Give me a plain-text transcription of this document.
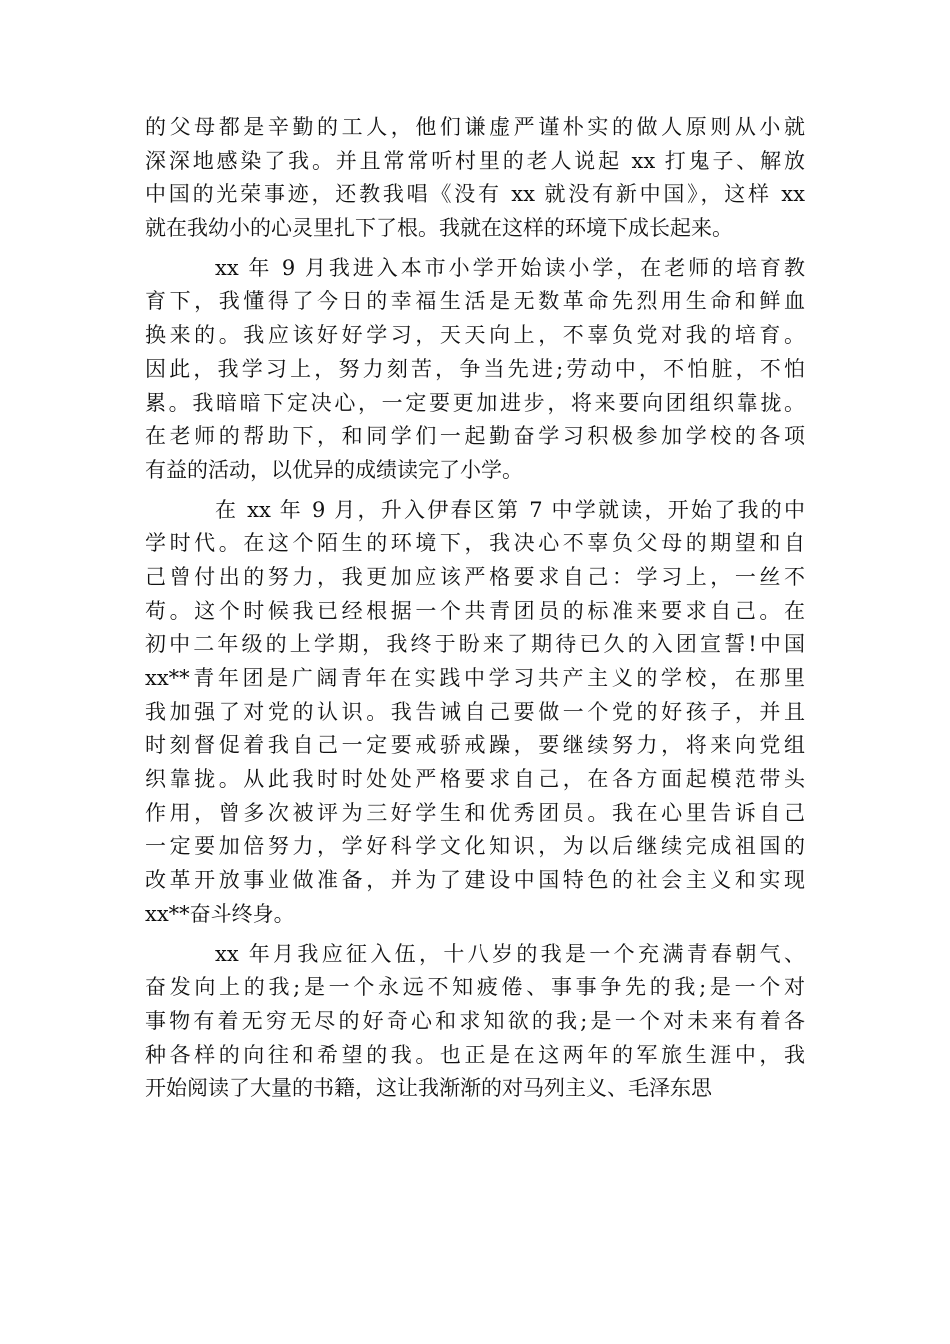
的父母都是辛勤的工人，他们谦虚严谨朴实的做人原则从小就
深深地感染了我。并且常常听村里的老人说起 xx 打鬼子、解放
中国的光荣事迹，还教我唱《没有 xx 就没有新中国》，这样 xx
就在我幼小的心灵里扎下了根。我就在这样的环境下成长起来。
xx 年 9 月我进入本市小学开始读小学，在老师的培育教
育下，我懂得了今日的幸福生活是无数革命先烈用生命和鲜血
换来的。我应该好好学习，天天向上，不辜负党对我的培育。
因此，我学习上，努力刻苦，争当先进;劳动中，不怕脏，不怕
累。我暗暗下定决心，一定要更加进步，将来要向团组织靠拢。
在老师的帮助下，和同学们一起勤奋学习积极参加学校的各项
有益的活动，以优异的成绩读完了小学。
在 xx 年 9 月，升入伊春区第 7 中学就读，开始了我的中
学时代。在这个陌生的环境下，我决心不辜负父母的期望和自
己曾付出的努力，我更加应该严格要求自己：学习上，一丝不
苟。这个时候我已经根据一个共青团员的标准来要求自己。在
初中二年级的上学期，我终于盼来了期待已久的入团宣誓!中国
xx**青年团是广阔青年在实践中学习共产主义的学校，在那里
我加强了对党的认识。我告诫自己要做一个党的好孩子，并且
时刻督促着我自己一定要戒骄戒躁，要继续努力，将来向党组
织靠拢。从此我时时处处严格要求自己，在各方面起模范带头
作用，曾多次被评为三好学生和优秀团员。我在心里告诉自己
一定要加倍努力，学好科学文化知识，为以后继续完成祖国的
改革开放事业做准备，并为了建设中国特色的社会主义和实现
xx**奋斗终身。
xx 年月我应征入伍，十八岁的我是一个充满青春朝气、
奋发向上的我;是一个永远不知疲倦、事事争先的我;是一个对
事物有着无穷无尽的好奇心和求知欲的我;是一个对未来有着各
种各样的向往和希望的我。也正是在这两年的军旅生涯中，我
开始阅读了大量的书籍，这让我渐渐的对马列主义、毛泽东思
